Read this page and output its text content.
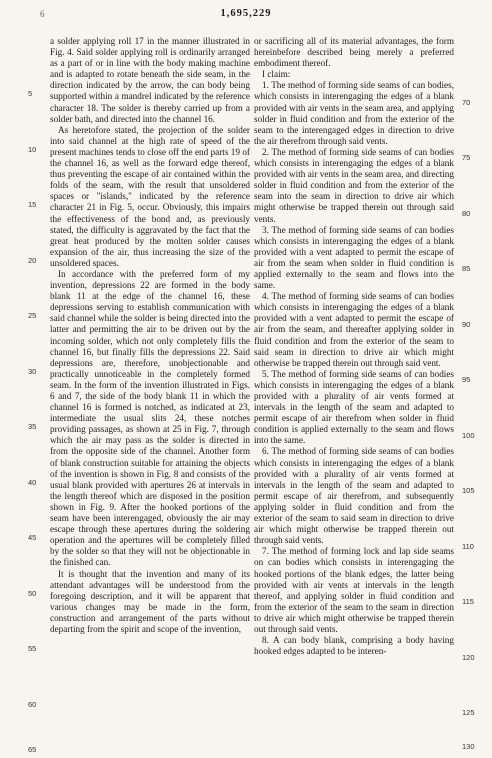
1,695,229
6

a solder applying roll 17 in the manner illustrated in Fig. 4. Said solder applying roll is ordinarily arranged as a part of or in line with the body making machine and is adapted to rotate beneath the side seam, in the direction indicated by the arrow, the can body being supported within a mandrel indicated by the reference character 18. The solder is thereby carried up from a solder bath, and directed into the channel 16.

As heretofore stated, the projection of the solder into said channel at the high rate of speed of the present machines tends to close off the end parts 19 of the channel 16, as well as the forward edge thereof, thus preventing the escape of air contained within the folds of the seam, with the result that unsoldered spaces or "islands," indicated by the reference character 21 in Fig. 5, occur. Obviously, this impairs the effectiveness of the bond and, as previously stated, the difficulty is aggravated by the fact that the great heat produced by the molten solder causes expansion of the air, thus increasing the size of the unsoldered spaces.

In accordance with the preferred form of my invention, depressions 22 are formed in the body blank 11 at the edge of the channel 16, these depressions serving to establish communication with said channel while the solder is being directed into the latter and permitting the air to be driven out by the incoming solder, which not only completely fills the channel 16, but finally fills the depressions 22. Said depressions are, therefore, unobjectionable and practically unnoticeable in the completely formed seam. In the form of the invention illustrated in Figs. 6 and 7, the side of the body blank 11 in which the channel 16 is formed is notched, as indicated at 23, intermediate the usual slits 24, these notches providing passages, as shown at 25 in Fig. 7, through which the air may pass as the solder is directed in from the opposite side of the channel. Another form of blank construction suitable for attaining the objects of the invention is shown in Fig. 8 and consists of the usual blank provided with apertures 26 at intervals in the length thereof which are disposed in the position shown in Fig. 9. After the hooked portions of the seam have been interengaged, obviously the air may escape through these apertures during the soldering operation and the apertures will be completely filled by the solder so that they will not be objectionable in the finished can.

It is thought that the invention and many of its attendant advantages will be understood from the foregoing description, and it will be apparent that various changes may be made in the form, construction and arrangement of the parts without departing from the spirit and scope of the invention,

or sacrificing all of its material advantages, the form hereinbefore described being merely a preferred embodiment thereof.

I claim:

1. The method of forming side seams of can bodies, which consists in interengaging the edges of a blank provided with air vents in the seam area, and applying solder in fluid condition and from the exterior of the seam to the interengaged edges in direction to drive the air therefrom through said vents.

2. The method of forming side seams of can bodies which consists in interengaging the edges of a blank provided with air vents in the seam area, and directing solder in fluid condition and from the exterior of the seam into the seam in direction to drive air which might otherwise be trapped therein out through said vents.

3. The method of forming side seams of can bodies which consists in interengaging the edges of a blank provided with a vent adapted to permit the escape of air from the seam when solder in fluid condition is applied externally to the seam and flows into the same.

4. The method of forming side seams of can bodies which consists in interengaging the edges of a blank provided with a vent adapted to permit the escape of air from the seam, and thereafter applying solder in fluid condition and from the exterior of the seam to said seam in direction to drive air which might otherwise be trapped therein out through said vent.

5. The method of forming side seams of can bodies which consists in interengaging the edges of a blank provided with a plurality of air vents formed at intervals in the length of the seam and adapted to permit escape of air therefrom when solder in fluid condition is applied externally to the seam and flows into the same.

6. The method of forming side seams of can bodies which consists in interengaging the edges of a blank provided with a plurality of air vents formed at intervals in the length of the seam and adapted to permit escape of air therefrom, and subsequently applying solder in fluid condition and from the exterior of the seam to said seam in direction to drive air which might otherwise be trapped therein out through said vents.

7. The method of forming lock and lap side seams on can bodies which consists in interengaging the hooked portions of the blank edges, the latter being provided with air vents at intervals in the length thereof, and applying solder in fluid condition and from the exterior of the seam to the seam in direction to drive air which might otherwise be trapped therein out through said vents.

8. A can body blank, comprising a body having hooked edges adapted to be interen-

5
10
15
20
25
30
35
40
45
50
55
60
65
70
75
80
85
90
95
100
105
110
115
120
125
130
